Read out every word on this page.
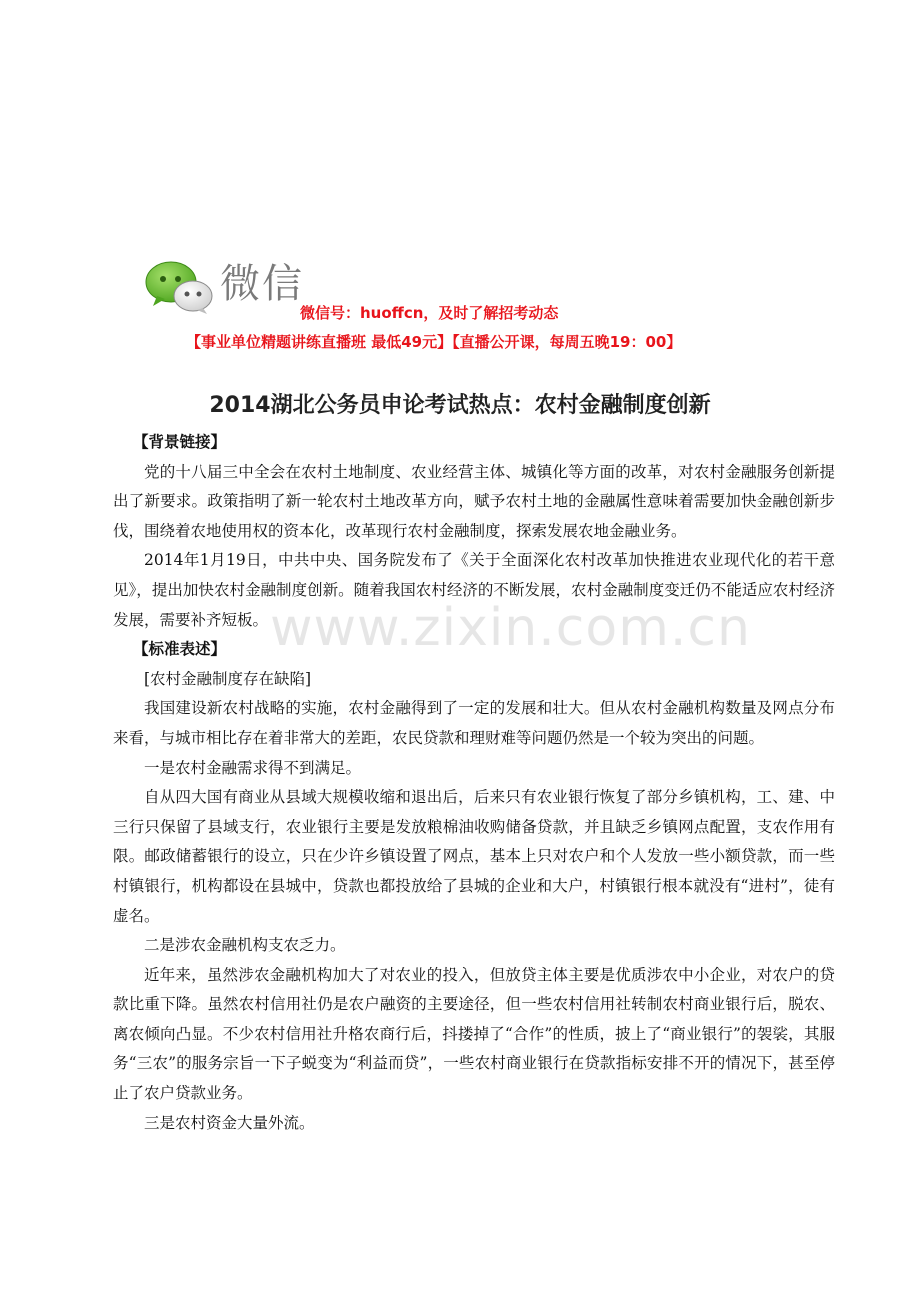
微信
微信号：huoffcn，及时了解招考动态
【事业单位精题讲练直播班 最低49元】【直播公开课，每周五晚19：00】
2014湖北公务员申论考试热点：农村金融制度创新
www.zixin.com.cn

【背景链接】

党的十八届三中全会在农村土地制度、农业经营主体、城镇化等方面的改革，对农村金融服务创新提出了新要求。政策指明了新一轮农村土地改革方向，赋予农村土地的金融属性意味着需要加快金融创新步伐，围绕着农地使用权的资本化，改革现行农村金融制度，探索发展农地金融业务。

2014年1月19日，中共中央、国务院发布了《关于全面深化农村改革加快推进农业现代化的若干意见》，提出加快农村金融制度创新。随着我国农村经济的不断发展，农村金融制度变迁仍不能适应农村经济发展，需要补齐短板。

【标准表述】

[农村金融制度存在缺陷]

我国建设新农村战略的实施，农村金融得到了一定的发展和壮大。但从农村金融机构数量及网点分布来看，与城市相比存在着非常大的差距，农民贷款和理财难等问题仍然是一个较为突出的问题。

一是农村金融需求得不到满足。

自从四大国有商业从县域大规模收缩和退出后，后来只有农业银行恢复了部分乡镇机构，工、建、中三行只保留了县域支行，农业银行主要是发放粮棉油收购储备贷款，并且缺乏乡镇网点配置，支农作用有限。邮政储蓄银行的设立，只在少许乡镇设置了网点，基本上只对农户和个人发放一些小额贷款，而一些村镇银行，机构都设在县城中，贷款也都投放给了县城的企业和大户，村镇银行根本就没有“进村”，徒有虚名。

二是涉农金融机构支农乏力。

近年来，虽然涉农金融机构加大了对农业的投入，但放贷主体主要是优质涉农中小企业，对农户的贷款比重下降。虽然农村信用社仍是农户融资的主要途径，但一些农村信用社转制农村商业银行后，脱农、离农倾向凸显。不少农村信用社升格农商行后，抖搂掉了“合作”的性质，披上了“商业银行”的袈裟，其服务“三农”的服务宗旨一下子蜕变为“利益而贷”，一些农村商业银行在贷款指标安排不开的情况下，甚至停止了农户贷款业务。

三是农村资金大量外流。
